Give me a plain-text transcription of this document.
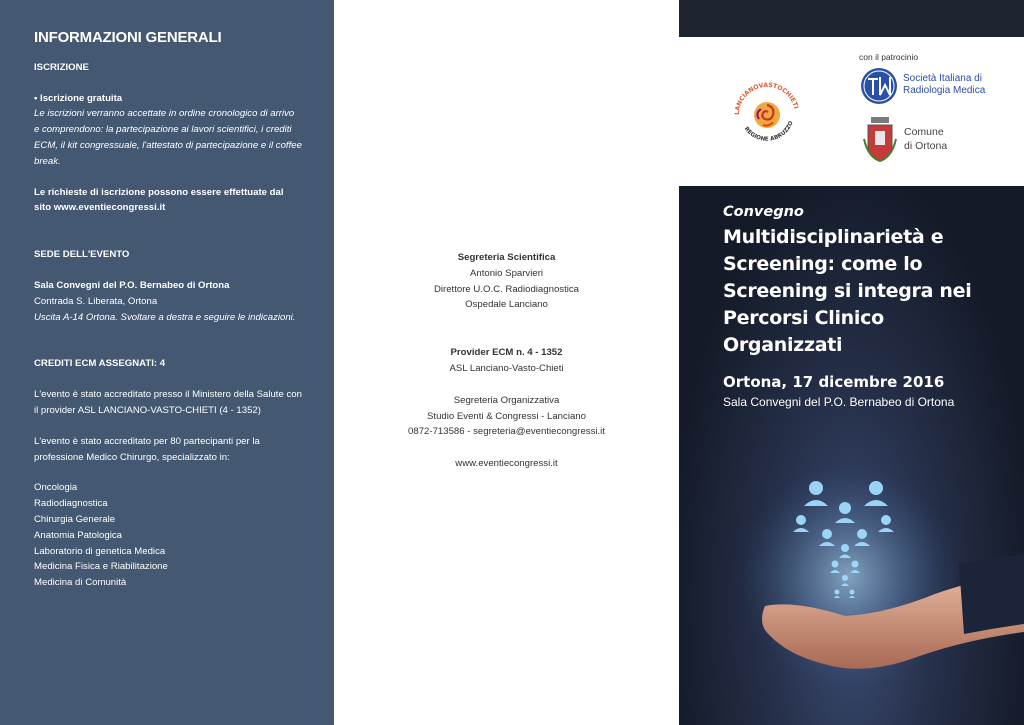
INFORMAZIONI GENERALI

ISCRIZIONE

• Iscrizione gratuita

Le iscrizioni verranno accettate in ordine cronologico di arrivo e comprendono: la partecipazione ai lavori scientifici, i crediti ECM, il kit congressuale, l'attestato di partecipazione e il coffee break.

Le richieste di iscrizione possono essere effettuate dal sito www.eventiecongressi.it

SEDE DELL'EVENTO

Sala Convegni del P.O. Bernabeo di Ortona

Contrada S. Liberata, Ortona

Uscita A-14 Ortona. Svoltare a destra e seguire le indicazioni.

CREDITI ECM ASSEGNATI: 4

L'evento è stato accreditato presso il Ministero della Salute con il provider ASL LANCIANO-VASTO-CHIETI (4 - 1352)

L'evento è stato accreditato per 80 partecipanti per la professione Medico Chirurgo, specializzato in:

Oncologia

Radiodiagnostica

Chirurgia Generale

Anatomia Patologica

Laboratorio di genetica Medica

Medicina Fisica e Riabilitazione

Medicina di Comunità

Segreteria Scientifica

Antonio Sparvieri

Direttore U.O.C. Radiodiagnostica

Ospedale Lanciano

Provider ECM n. 4 - 1352

ASL Lanciano-Vasto-Chieti

Segreteria Organizzativa

Studio Eventi & Congressi - Lanciano

0872-713586 - segreteria@eventiecongressi.it

www.eventiecongressi.it

con il patrocinio
LANCIANOVASTOCHIETI
REGIONE ABRUZZO
Società Italiana di
Radiologia Medica
Comune
di Ortona
Convegno
Multidisciplinarietà e
Screening: come lo
Screening si integra nei
Percorsi Clinico
Organizzati
Ortona, 17 dicembre 2016
Sala Convegni del P.O. Bernabeo di Ortona
